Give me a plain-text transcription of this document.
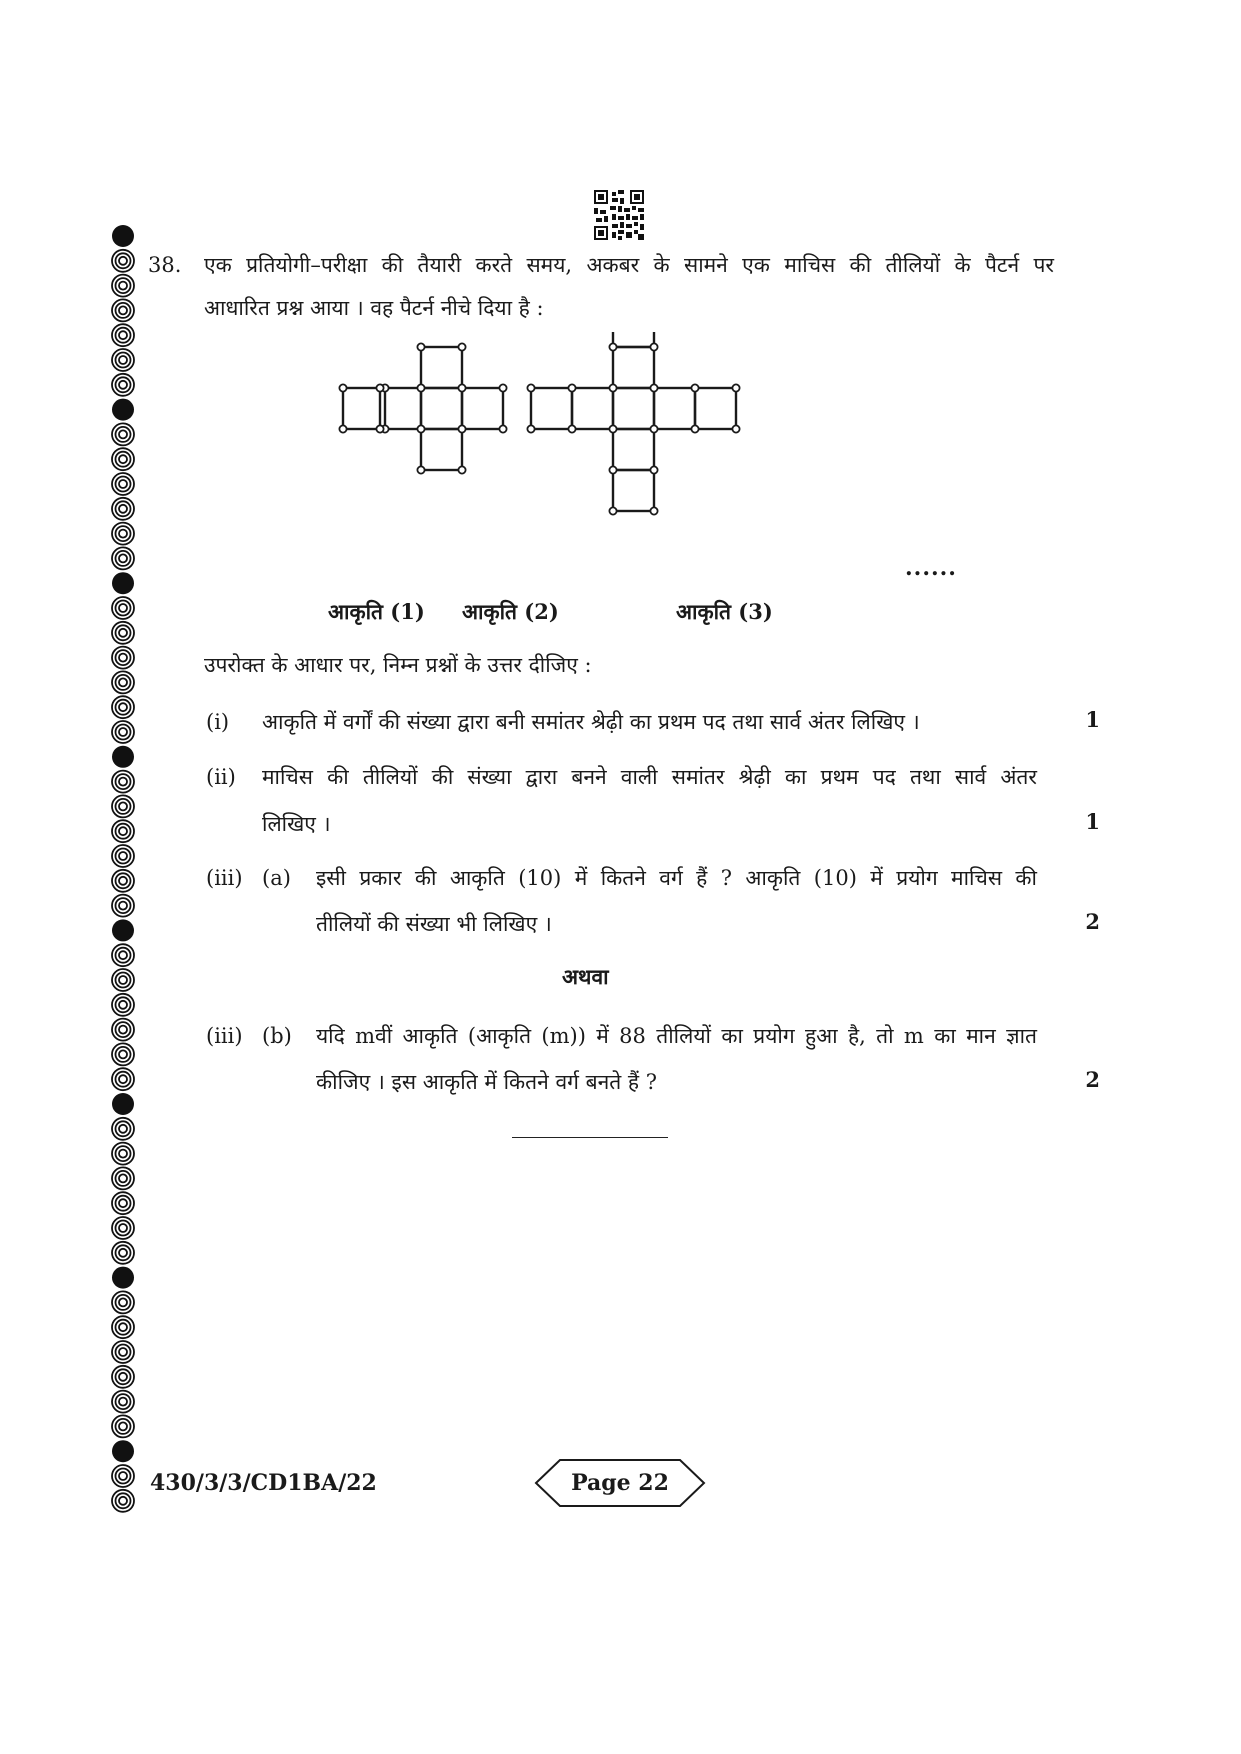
38. एक प्रतियोगी–परीक्षा की तैयारी करते समय, अकबर के सामने एक माचिस की तीलियों के पैटर्न पर
आधारित प्रश्न आया । वह पैटर्न नीचे दिया है :
आकृति (1) आकृति (2)	आकृति (3)
......
उपरोक्त के आधार पर, निम्न प्रश्नों के उत्तर दीजिए :
(i) आकृति में वर्गों की संख्या द्वारा बनी समांतर श्रेढ़ी का प्रथम पद तथा सार्व अंतर लिखिए ।	1
(ii) माचिस की तीलियों की संख्या द्वारा बनने वाली समांतर श्रेढ़ी का प्रथम पद तथा सार्व अंतर
लिखिए ।	1
(iii) (a) इसी प्रकार की आकृति (10) में कितने वर्ग हैं ? आकृति (10) में प्रयोग माचिस की
तीलियों की संख्या भी लिखिए ।	2
अथवा
(iii) (b) यदि mवीं आकृति (आकृति (m)) में 88 तीलियों का प्रयोग हुआ है, तो m का मान ज्ञात
कीजिए । इस आकृति में कितने वर्ग बनते हैं ?	2
430/3/3/CD1BA/22	Page 22
